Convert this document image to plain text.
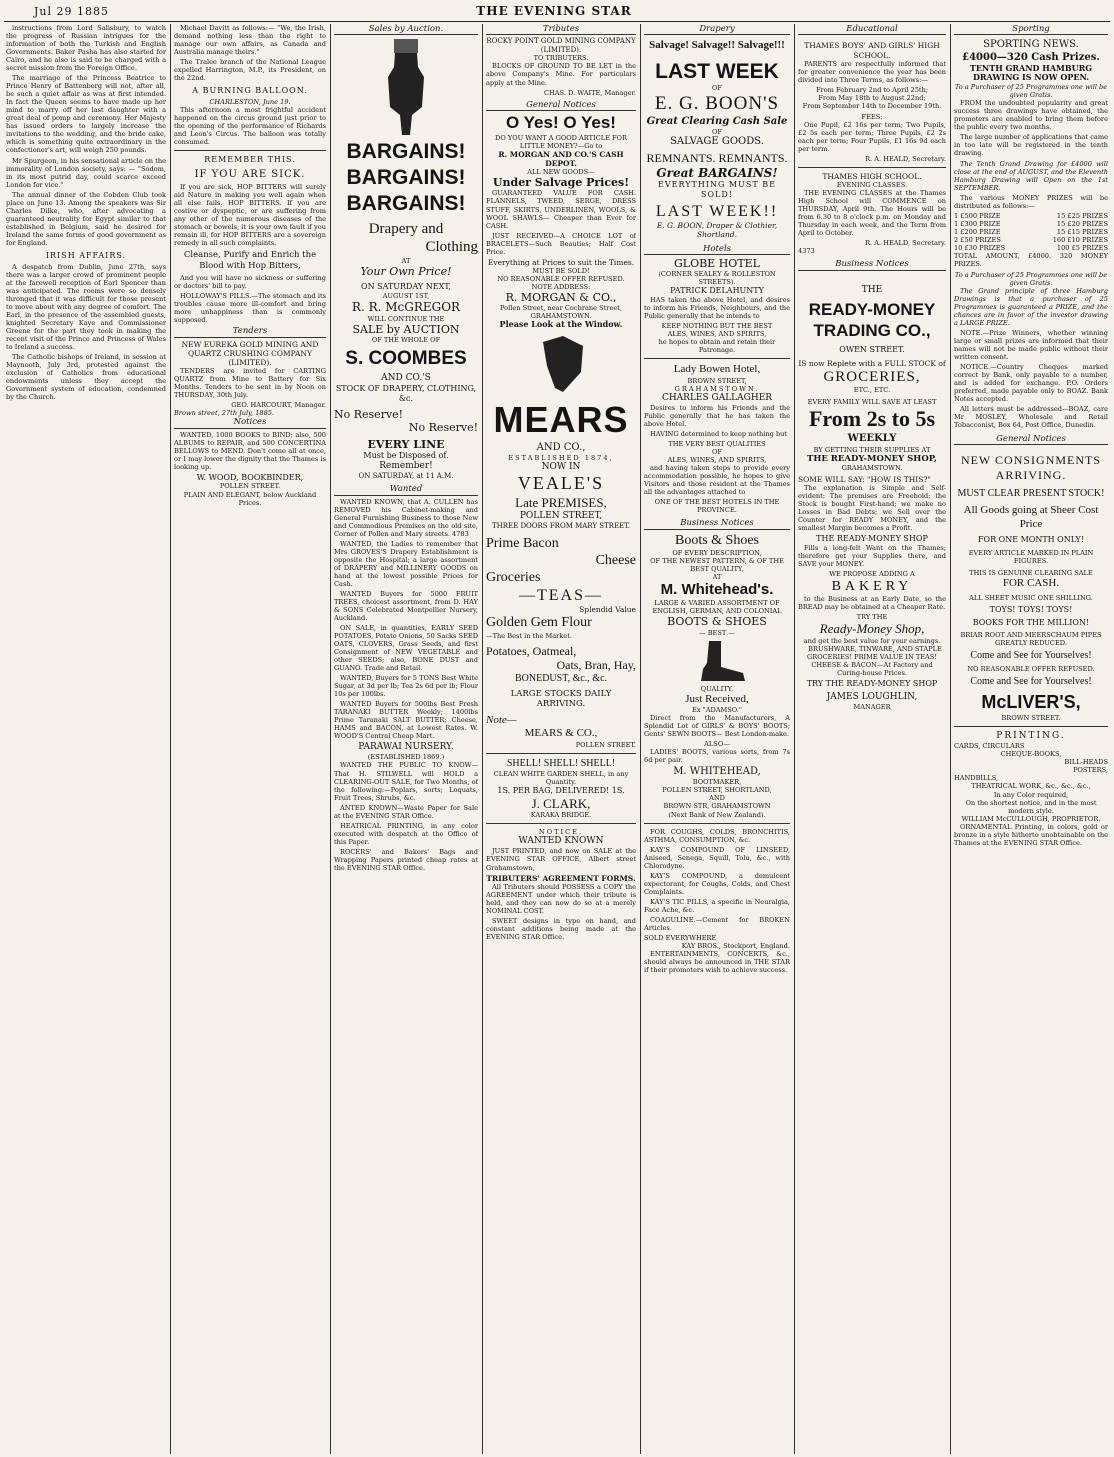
Jul 29 1885	THE EVENING STAR

instructions from Lord Salisbury, to watch the progress of Russian intrigues for the information of both the Turkish and English Governments. Baker Pasha has also started for Cairo, and he also is said to be charged with a secret mission from the Foreign Office.

The marriage of the Princess Beatrice to Prince Henry of Battenberg will not, after all, be such a quiet affair as was at first intended. In fact the Queen seems to have made up her mind to marry off her last daughter with a great deal of pomp and ceremony. Her Majesty has issued orders to largely increase the invitations to the wedding, and the bride cake, which is something quite extraordinary in the confectioner's art, will weigh 250 pounds.

Mr Spurgeon, in his sensational article on the immorality of London society, says: — "Sodom, in its most putrid day, could scarce exceed London for vice."

The annual dinner of the Cobden Club took place on June 13. Among the speakers was Sir Charles Dilke, who, after advocating a guaranteed neutrality for Egypt similar to that established in Belgium, said he desired for Ireland the same forms of good government as for England.

IRISH AFFAIRS.

A despatch from Dublin, June 27th, says there was a larger crowd of prominent people at the farewell reception of Earl Spencer than was anticipated. The rooms were so densely thronged that it was difficult for those present to move about with any degree of comfort. The Earl, in the presence of the assembled guests, knighted Secretary Kaye and Commissioner Greene for the part they took in making the recent visit of the Prince and Princess of Wales to Ireland a success.

The Catholic bishops of Ireland, in session at Maynooth, July 3rd, protested against the exclusion of Catholics from educational endowments unless they accept the Government system of education, condemned by the Church.

Michael Davitt as follows:— "We, the Irish, demand nothing less than the right to manage our own affairs, as Canada and Australia manage theirs."

The Tralee branch of the National League expelled Harrington, M.P., its President, on the 22nd.

A BURNING BALLOON.
CHARLESTON, June 19.

This afternoon a most frightful accident happened on the circus ground just prior to the opening of the performance of Richards and Leon's Circus. The balloon was totally consumed.

REMEMBER THIS.
IF YOU ARE SICK.

If you are sick, HOP BITTERS will surely aid Nature in making you well again when all else fails. HOP BITTERS. If you are costive or dyspeptic, or are suffering from any other of the numerous diseases of the stomach or bowels, it is your own fault if you remain ill, for HOP BITTERS are a sovereign remedy in all such complaints.

Cleanse, Purify and Enrich the Blood with Hop Bitters,

And you will have no sickness or suffering or doctors' bill to pay.

HOLLOWAY'S PILLS.—The stomach and its troubles cause more ill-comfort and bring more unhappiness than is commonly supposed.

Tenders
NEW EUREKA GOLD MINING AND QUARTZ CRUSHING COMPANY (LIMITED).

TENDERS are invited for CARTING QUARTZ from Mine to Battery for Six Months. Tenders to be sent in by Noon on THURSDAY, 30th July.

GEO. HARCOURT, Manager.
Brown street, 27th July, 1885.
Notices

WANTED, 1000 BOOKS to BIND; also, 500 ALBUMS to REPAIR, and 500 CONCERTINA BELLOWS to MEND. Don't come all at once, or I may lower the dignity that the Thames is looking up.

W. WOOD, BOOKBINDER,
POLLEN STREET.
PLAIN AND ELEGANT, below Auckland Prices.
Sales by Auction.
BARGAINS!
BARGAINS!
BARGAINS!
Drapery and
Clothing
AT
Your Own Price!
ON SATURDAY NEXT,
AUGUST 1ST,
R. R. McGREGOR
WILL CONTINUE THE
SALE by AUCTION
OF THE WHOLE OF
S. COOMBES
AND CO.'S
STOCK OF DRAPERY, CLOTHING, &c.
No Reserve!
No Reserve!
EVERY LINE
Must be Disposed of.
Remember!
ON SATURDAY, at 11 A.M.
Wanted

WANTED KNOWN, that A. CULLEN has REMOVED his Cabinet-making and General Furnishing Business to those New and Commodious Premises on the old site, Corner of Pollen and Mary streets. 4783

WANTED, the Ladies to remember that Mrs GROVES'S Drapery Establishment is opposite the Hospital; a large assortment of DRAPERY and MILLINERY GOODS on hand at the lowest possible Prices for Cash.

WANTED Buyers for 5000 FRUIT TREES, choicest assortment, from D. HAY & SONS Celebrated Montpellier Nursery, Auckland.

ON SALE, in quantities, EARLY SEED POTATOES, Potato Onions, 50 Sacks SEED OATS, CLOVERS, Grass Seeds, and first Consignment of NEW VEGETABLE and other SEEDS; also, BONE DUST and GUANO. Trade and Retail.

WANTED, Buyers for 5 TONS Best White Sugar, at 3d per lb; Tea 2s 6d per lb; Flour 10s per 100lbs.

WANTED Buyers for 500lbs Best Fresh TARANAKI BUTTER Weekly; 1400lbs Prime Taranaki SALT BUTTER; Cheese, HAMS and BACON, at Lowest Rates. W. WOOD'S Central Cheap Mart.

PARAWAI NURSERY.
(ESTABLISHED 1869.)

WANTED THE PUBLIC TO KNOW— That H. STILWELL will HOLD a CLEARING-OUT SALE, for Two Months, of the following:—Poplars, sorts; Loquats, Fruit Trees, Shrubs, &c.

ANTED KNOWN—Waste Paper for Sale at the EVENING STAR Office.

HEATRICAL PRINTING, in any color executed with despatch at the Office of this Paper.

ROCERS' and Bakers' Bags and Wrapping Papers printed cheap rates at the EVENING STAR Office.

Tributes
ROCKY POINT GOLD MINING COMPANY (LIMITED).
TO TRIBUTERS.

BLOCKS OF GROUND TO BE LET in the above Company's Mine. For particulars apply at the Mine.

CHAS. D. WAITE, Manager.
General Notices
O Yes! O Yes!
DO YOU WANT A GOOD ARTICLE FOR LITTLE MONEY?—Go to
R. MORGAN AND CO.'S CASH DEPOT.
ALL NEW GOODS—
Under Salvage Prices!

GUARANTEED VALUE FOR CASH. FLANNELS, TWEED, SERGE, DRESS STUFF, SKIRTS, UNDERLINEN, WOOLS, & WOOL SHAWLS— Cheaper than Ever for CASH.

JUST RECEIVED—A CHOICE LOT of BRACELETS—Such Beauties; Half Cost Price.

Everything at Prices to suit the Times.
MUST BE SOLD!
NO REASONABLE OFFER REFUSED.
NOTE ADDRESS:
R. MORGAN & CO.,
Pollen Street, near Cochrane Street, GRAHAMSTOWN.
Please Look at the Window.
MEARS
AND CO.,
ESTABLISHED 1874,
NOW IN
VEALE'S
Late PREMISES,
POLLEN STREET,
THREE DOORS FROM MARY STREET.
Prime Bacon
Cheese
Groceries
—TEAS—
Splendid Value
Golden Gem Flour
—The Best in the Market.
Potatoes, Oatmeal,
Oats, Bran, Hay,
BONEDUST, &c., &c.
LARGE STOCKS DAILY ARRIVING.
Note—
MEARS & CO.,
POLLEN STREET.
SHELL! SHELL! SHELL!
CLEAN WHITE GARDEN SHELL, in any Quantity.
1S. PER BAG, DELIVERED! 1S.
J. CLARK,
KARAKA BRIDGE.
NOTICE.
WANTED KNOWN

JUST PRINTED, and now on SALE at the EVENING STAR OFFICE, Albert street Grahamstown,

TRIBUTERS' AGREEMENT FORMS.

All Tributers should POSSESS a COPY the AGREEMENT under which their tribute is held, and they can now do so at a merely NOMINAL COST.

SWEET designs in type on hand, and constant additions being made at the EVENING STAR Office.

Drapery
Salvage! Salvage!! Salvage!!!
LAST WEEK
OF
E. G. BOON'S
Great Clearing Cash Sale
OF
SALVAGE GOODS.
REMNANTS. REMNANTS.
Great BARGAINS!
EVERYTHING MUST BE SOLD!
LAST WEEK!!
E. G. BOON, Draper & Clothier, Shortland.
Hotels
GLOBE HOTEL
(CORNER SEALEY & ROLLESTON STREETS).
PATRICK DELAHUNTY

HAS taken the above Hotel, and desires to inform his Friends, Neighbours, and the Public generally that he intends to

KEEP NOTHING BUT THE BEST
ALES, WINES, AND SPIRITS,
he hopes to obtain and retain their Patronage.
Lady Bowen Hotel,
BROWN STREET,
GRAHAMSTOWN.
CHARLES GALLAGHER

Desires to inform his Friends and the Public generally that he has taken the above Hotel.

HAVING determined to keep nothing but

THE VERY BEST QUALITIES
OF
ALES, WINES, AND SPIRITS,

and having taken steps to provide every accommodation possible, he hopes to give Visitors and those resident at the Thames all the advantages attached to

ONE OF THE BEST HOTELS IN THE PROVINCE.
Business Notices
Boots & Shoes
OF EVERY DESCRIPTION,
OF THE NEWEST PATTERN, & OF THE BEST QUALITY,
AT
M. Whitehead's.
LARGE & VARIED ASSORTMENT OF
ENGLISH, GERMAN, AND COLONIAL
BOOTS & SHOES
— BEST —
QUALITY.
Just Received,
Ex "ADAMSO."

Direct from the Manufacturers, A Splendid Lot of GIRLS' & BOYS' BOOTS; Gents' SEWN BOOTS— Best London-make.

ALSO—

LADIES' BOOTS, various sorts, from 7s 6d per pair.

M. WHITEHEAD,
BOOTMAKER,
POLLEN STREET, SHORTLAND,
AND
BROWN STR, GRAHAMSTOWN
(Next Bank of New Zealand).

FOR COUGHS, COLDS, BRONCHITIS, ASTHMA, CONSUMPTION, &c.

KAY'S COMPOUND OF LINSEED, Aniseed, Senega, Squill, Tolu, &c., with Chlorodyne.

KAY'S COMPOUND, a demulcent expectorant, for Coughs, Colds, and Chest Complaints.

KAY'S TIC PILLS, a specific in Neuralgia, Face Ache, &c.

COAGULINE.—Cement for BROKEN Articles.

SOLD EVERYWHERE
KAY BROS., Stockport, England.

ENTERTAINMENTS, CONCERTS, &c., should always be announced in THE STAR if their promoters wish to achieve success.

Educational
THAMES BOYS' AND GIRLS' HIGH SCHOOL.

PARENTS are respectfully informed that for greater convenience the year has been divided into Three Terms, as follows:—

From February 2nd to April 25th;
From May 18th to August 22nd;
From September 14th to December 19th.
FEES:

One Pupil, £2 16s per term; Two Pupils, £2 5s each per term; Three Pupils, £2 2s each per term; Four Pupils, £1 16s 9d each per term.

R. A. HEALD, Secretary.
THAMES HIGH SCHOOL.
EVENING CLASSES.

THE EVENING CLASSES at the Thames High School will COMMENCE on THURSDAY, April 9th. The Hours will be from 6.30 to 8 o'clock p.m. on Monday and Thursday in each week, and the Term from April to October.

R. A. HEALD, Secretary.
4373
Business Notices
THE
READY-MONEY
TRADING CO.,
OWEN STREET.
IS now Replete with a FULL STOCK of
GROCERIES,
ETC., ETC.
EVERY FAMILY WILL SAVE AT LEAST
From 2s to 5s
WEEKLY
BY GETTING THEIR SUPPLIES AT
THE READY-MONEY SHOP,
GRAHAMSTOWN.
SOME WILL SAY: "HOW IS THIS?"

The explanation is Simple and Self-evident: The premises are Freehold; the Stock is bought First-hand; we make no Losses in Bad Debts; we Sell over the Counter for READY MONEY, and the smallest Margin becomes a Profit.

THE READY-MONEY SHOP

Fills a long-felt Want on the Thames; therefore get your Supplies there, and SAVE your MONEY.

WE PROPOSE ADDING A
BAKERY

to the Business at an Early Date, so the BREAD may be obtained at a Cheaper Rate.

TRY THE
Ready-Money Shop,
and get the best value for your earnings.

BRUSHWARE, TINWARE, AND STAPLE GROCERIES! PRIME VALUE IN TEAS! CHEESE & BACON—At Factory and Curing-house Prices.

TRY THE READY-MONEY SHOP
JAMES LOUGHLIN,
MANAGER
Sporting
SPORTING NEWS.
£4000—320 Cash Prizes.
TENTH GRAND HAMBURG DRAWING IS NOW OPEN.
To a Purchaser of 25 Programmes one will be given Gratis.

FROM the undoubted popularity and great success three drawings have obtained, the promoters are enabled to bring them before the public every two months.

The large number of applications that came in too late will be registered in the tenth drawing.

The Tenth Grand Drawing for £4000 will close at the end of AUGUST, and the Eleventh Hamburg Drawing will Open on the 1st SEPTEMBER.

The various MONEY PRIZES will be distributed as follows:—

1 £500 PRIZE	15 £25 PRIZES
1 £300 PRIZE	15 £20 PRIZES
1 £200 PRIZE	15 £15 PRIZES
2 £50 PRIZES	160 £10 PRIZES
10 £30 PRIZES	100 £5 PRIZES
TOTAL AMOUNT, £4000. 320 MONEY PRIZES.
To a Purchaser of 25 Programmes one will be given Gratis.

The Grand principle of three Hamburg Drawings is that a purchaser of 25 Programmes is guaranteed a PRIZE, and the chances are in favor of the investor drawing a LARGE PRIZE.

NOTE.—Prize Winners, whether winning large or small prizes are informed that their names will not be made public without their written consent.

NOTICE.—Country Cheques marked correct by Bank, only payable to a number, and is added for exchange. P.O. Orders preferred, made payable only to BOAZ. Bank Notes accepted.

All letters must be addressed—BOAZ, care Mr MOSLEY, Wholesale and Retail Tobacconist, Box 64, Post Office, Dunedin.

General Notices
NEW CONSIGNMENTS ARRIVING.
MUST CLEAR PRESENT STOCK!
All Goods going at Sheer Cost Price
FOR ONE MONTH ONLY!
EVERY ARTICLE MARKED IN PLAIN FIGURES.
THIS IS GENUINE CLEARING SALE
FOR CASH.
ALL SHEET MUSIC ONE SHILLING.
TOYS! TOYS! TOYS!
BOOKS FOR THE MILLION!
BRIAR ROOT AND MEERSCHAUM PIPES GREATLY REDUCED.
Come and See for Yourselves!
NO REASONABLE OFFER REFUSED.
Come and See for Yourselves!
McLIVER'S,
BROWN STREET.
PRINTING.
CARDS, CIRCULARS
CHEQUE-BOOKS,
BILL-HEADS
POSTERS,
HANDBILLS,
THEATRICAL WORK, &c., &c., &c.,
In any Color required,
On the shortest notice, and in the most modern style.
WILLIAM McCULLOUGH, PROPRIETOR.

ORNAMENTAL Printing, in colors, gold or bronze in a style hitherto unobtainable on the Thames at the EVENING STAR Office.
